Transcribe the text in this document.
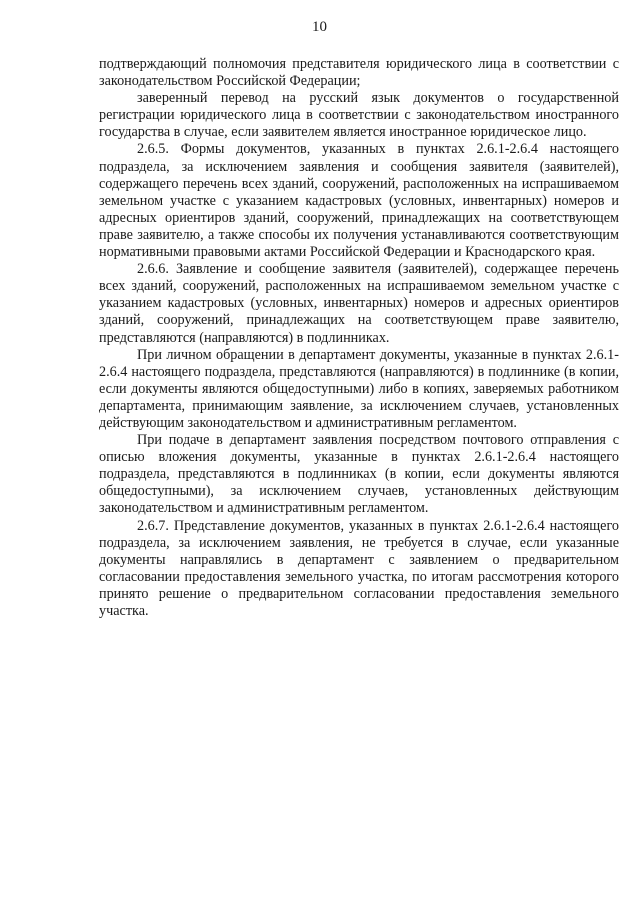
10

подтверждающий полномочия представителя юридического лица в соответствии с законодательством Российской Федерации;

заверенный перевод на русский язык документов о государственной регистрации юридического лица в соответствии с законодательством иностранного государства в случае, если заявителем является иностранное юридическое лицо.

2.6.5. Формы документов, указанных в пунктах 2.6.1-2.6.4 настоящего подраздела, за исключением заявления и сообщения заявителя (заявителей), содержащего перечень всех зданий, сооружений, расположенных на испрашиваемом земельном участке с указанием кадастровых (условных, инвентарных) номеров и адресных ориентиров зданий, сооружений, принадлежащих на соответствующем праве заявителю, а также способы их получения устанавливаются соответствующим нормативными правовыми актами Российской Федерации и Краснодарского края.

2.6.6. Заявление и сообщение заявителя (заявителей), содержащее перечень всех зданий, сооружений, расположенных на испрашиваемом земельном участке с указанием кадастровых (условных, инвентарных) номеров и адресных ориентиров зданий, сооружений, принадлежащих на соответствующем праве заявителю, представляются (направляются) в подлинниках.

При личном обращении в департамент документы, указанные в пунктах 2.6.1-2.6.4 настоящего подраздела, представляются (направляются) в подлиннике (в копии, если документы являются общедоступными) либо в копиях, заверяемых работником департамента, принимающим заявление, за исключением случаев, установленных действующим законодательством и административным регламентом.

При подаче в департамент заявления посредством почтового отправления с описью вложения документы, указанные в пунктах 2.6.1-2.6.4 настоящего подраздела, представляются в подлинниках (в копии, если документы являются общедоступными), за исключением случаев, установленных действующим законодательством и административным регламентом.

2.6.7. Представление документов, указанных в пунктах 2.6.1-2.6.4 настоящего подраздела, за исключением заявления, не требуется в случае, если указанные документы направлялись в департамент с заявлением о предварительном согласовании предоставления земельного участка, по итогам рассмотрения которого принято решение о предварительном согласовании предоставления земельного участка.
